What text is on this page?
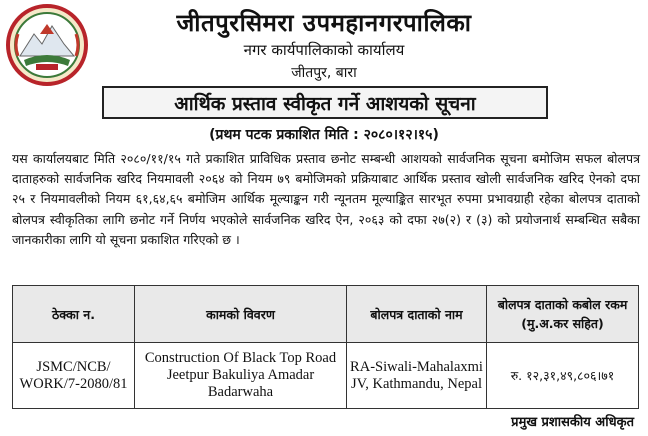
जीतपुरसिमरा उपमहानगरपालिका
नगर कार्यपालिकाको कार्यालय
जीतपुर, बारा
आर्थिक प्रस्ताव स्वीकृत गर्ने आशयको सूचना
(प्रथम पटक प्रकाशित मिति : २०८०।१२।१५)
यस कार्यालयबाट मिति २०८०/११/१५ गते प्रकाशित प्राविधिक प्रस्ताव छनोट सम्बन्धी आशयको सार्वजनिक सूचना बमोजिम सफल बोलपत्र दाताहरुको सार्वजनिक खरिद नियमावली २०६४ को नियम ७९ बमोजिमको प्रक्रियाबाट आर्थिक प्रस्ताव खोली सार्वजनिक खरिद ऐनको दफा २५ र नियमावलीको नियम ६१,६४,६५ बमोजिम आर्थिक मूल्याङ्कन गरी न्यूनतम मूल्याङ्कित सारभूत रुपमा प्रभावग्राही रहेका बोलपत्र दाताको बोलपत्र स्वीकृतिका लागि छनोट गर्ने निर्णय भएकोले सार्वजनिक खरिद ऐन, २०६३ को दफा २७(२) र (३) को प्रयोजनार्थ सम्बन्धित सबैका जानकारीका लागि यो सूचना प्रकाशित गरिएको छ ।
ठेक्का न.	कामको विवरण	बोलपत्र दाताको नाम	बोलपत्र दाताको कबोल रकम (मु.अ.कर सहित)
JSMC/NCB/ WORK/7-2080/81	Construction Of Black Top Road Jeetpur Bakuliya Amadar Badarwaha	RA-Siwali-Mahalaxmi JV, Kathmandu, Nepal	रु. १२,३१,४९,८०६।७१
प्रमुख प्रशासकीय अधिकृत
